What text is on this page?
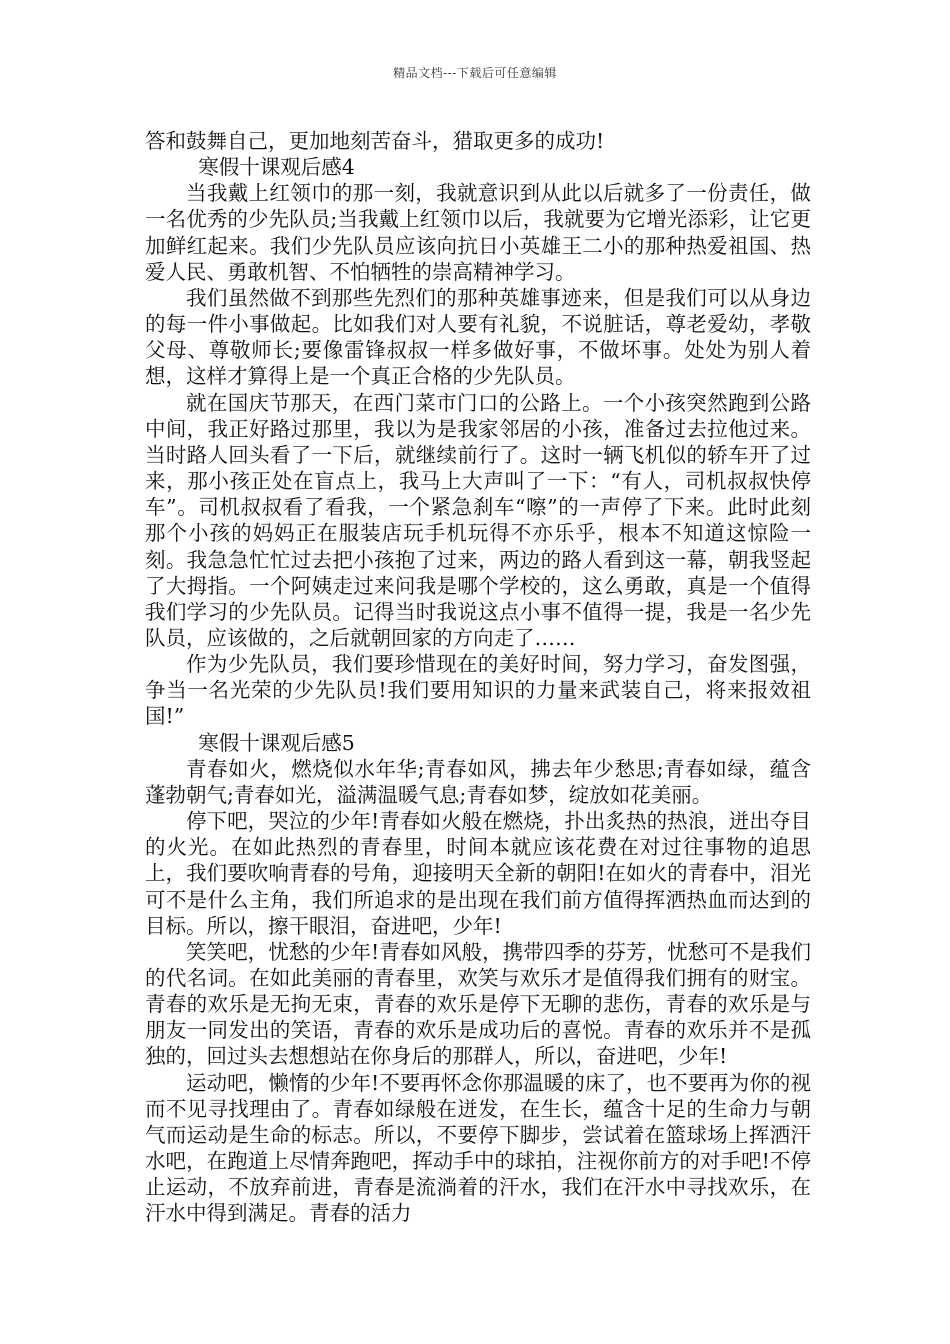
精品文档---下载后可任意编辑

答和鼓舞自己，更加地刻苦奋斗，猎取更多的成功!

寒假十课观后感4

当我戴上红领巾的那一刻，我就意识到从此以后就多了一份责任，做一名优秀的少先队员;当我戴上红领巾以后，我就要为它增光添彩，让它更加鲜红起来。我们少先队员应该向抗日小英雄王二小的那种热爱祖国、热爱人民、勇敢机智、不怕牺牲的崇高精神学习。

我们虽然做不到那些先烈们的那种英雄事迹来，但是我们可以从身边的每一件小事做起。比如我们对人要有礼貌，不说脏话，尊老爱幼，孝敬父母、尊敬师长;要像雷锋叔叔一样多做好事，不做坏事。处处为别人着想，这样才算得上是一个真正合格的少先队员。

就在国庆节那天，在西门菜市门口的公路上。一个小孩突然跑到公路中间，我正好路过那里，我以为是我家邻居的小孩，准备过去拉他过来。当时路人回头看了一下后，就继续前行了。这时一辆飞机似的轿车开了过来，那小孩正处在盲点上，我马上大声叫了一下：“有人，司机叔叔快停车”。司机叔叔看了看我，一个紧急刹车“嚓”的一声停了下来。此时此刻那个小孩的妈妈正在服装店玩手机玩得不亦乐乎，根本不知道这惊险一刻。我急急忙忙过去把小孩抱了过来，两边的路人看到这一幕，朝我竖起了大拇指。一个阿姨走过来问我是哪个学校的，这么勇敢，真是一个值得我们学习的少先队员。记得当时我说这点小事不值得一提，我是一名少先队员，应该做的，之后就朝回家的方向走了……

作为少先队员，我们要珍惜现在的美好时间，努力学习，奋发图强，争当一名光荣的少先队员!我们要用知识的力量来武装自己，将来报效祖国!”

寒假十课观后感5

青春如火，燃烧似水年华;青春如风，拂去年少愁思;青春如绿，蕴含蓬勃朝气;青春如光，溢满温暖气息;青春如梦，绽放如花美丽。

停下吧，哭泣的少年!青春如火般在燃烧，扑出炙热的热浪，迸出夺目的火光。在如此热烈的青春里，时间本就应该花费在对过往事物的追思上，我们要吹响青春的号角，迎接明天全新的朝阳!在如火的青春中，泪光可不是什么主角，我们所追求的是出现在我们前方值得挥洒热血而达到的目标。所以，擦干眼泪，奋进吧，少年!

笑笑吧，忧愁的少年!青春如风般，携带四季的芬芳，忧愁可不是我们的代名词。在如此美丽的青春里，欢笑与欢乐才是值得我们拥有的财宝。青春的欢乐是无拘无束，青春的欢乐是停下无聊的悲伤，青春的欢乐是与朋友一同发出的笑语，青春的欢乐是成功后的喜悦。青春的欢乐并不是孤独的，回过头去想想站在你身后的那群人，所以，奋进吧，少年!

运动吧，懒惰的少年!不要再怀念你那温暖的床了，也不要再为你的视而不见寻找理由了。青春如绿般在迸发，在生长，蕴含十足的生命力与朝气而运动是生命的标志。所以，不要停下脚步，尝试着在篮球场上挥洒汗水吧，在跑道上尽情奔跑吧，挥动手中的球拍，注视你前方的对手吧!不停止运动，不放弃前进，青春是流淌着的汗水，我们在汗水中寻找欢乐，在汗水中得到满足。青春的活力
